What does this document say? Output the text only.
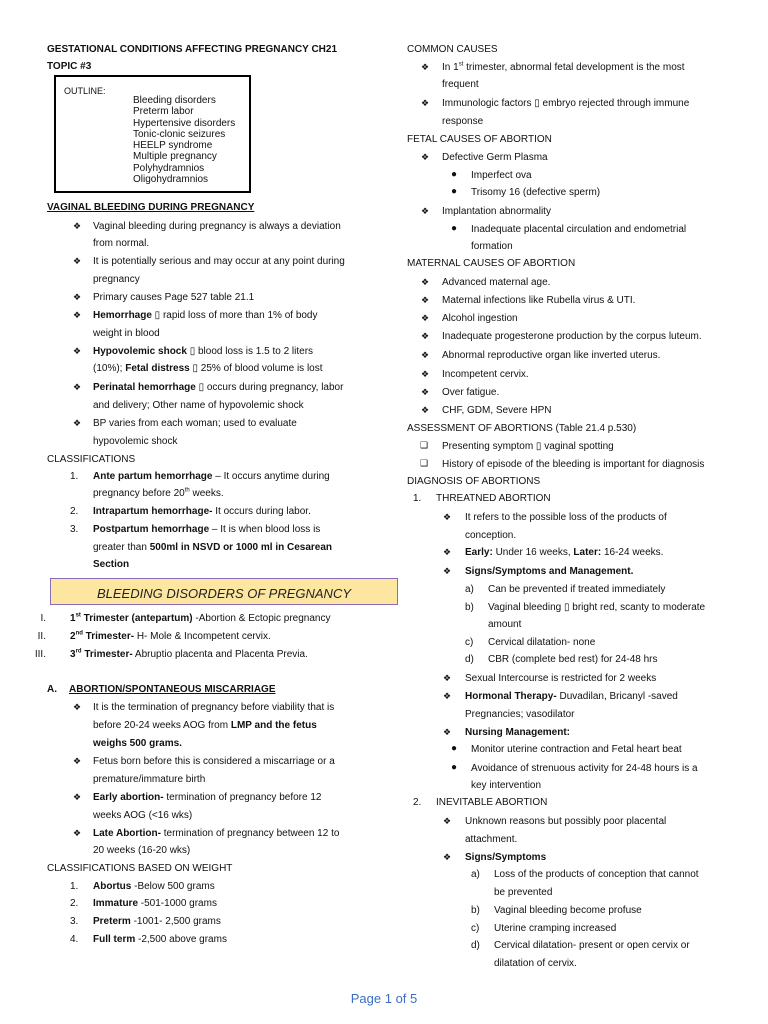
GESTATIONAL CONDITIONS AFFECTING PREGNANCY CH21
TOPIC #3
OUTLINE:
Bleeding disorders
Preterm labor
Hypertensive disorders
Tonic-clonic seizures
HEELP syndrome
Multiple pregnancy
Polyhydramnios
Oligohydramnios
VAGINAL BLEEDING DURING PREGNANCY
❖ Vaginal bleeding during pregnancy is always a deviation
from normal.
❖ It is potentially serious and may occur at any point during
pregnancy
❖ Primary causes Page 527 table 21.1
❖ Hemorrhage ▯ rapid loss of more than 1% of body
weight in blood
❖ Hypovolemic shock ▯ blood loss is 1.5 to 2 liters
(10%); Fetal distress ▯ 25% of blood volume is lost
❖ Perinatal hemorrhage ▯ occurs during pregnancy, labor
and delivery; Other name of hypovolemic shock
❖ BP varies from each woman; used to evaluate
hypovolemic shock
CLASSIFICATIONS
1. Ante partum hemorrhage – It occurs anytime during
pregnancy before 20th weeks.
2. Intrapartum hemorrhage- It occurs during labor.
3. Postpartum hemorrhage – It is when blood loss is
greater than 500ml in NSVD or 1000 ml in Cesarean
Section
BLEEDING DISORDERS OF PREGNANCY
I. 1st Trimester (antepartum) -Abortion & Ectopic pregnancy
II. 2nd Trimester- H- Mole & Incompetent cervix.
III. 3rd Trimester- Abruptio placenta and Placenta Previa.
A. ABORTION/SPONTANEOUS MISCARRIAGE
❖ It is the termination of pregnancy before viability that is
before 20-24 weeks AOG from LMP and the fetus
weighs 500 grams.
❖ Fetus born before this is considered a miscarriage or a
premature/immature birth
❖ Early abortion- termination of pregnancy before 12
weeks AOG (<16 wks)
❖ Late Abortion- termination of pregnancy between 12 to
20 weeks (16-20 wks)
CLASSIFICATIONS BASED ON WEIGHT
1. Abortus -Below 500 grams
2. Immature -501-1000 grams
3. Preterm -1001- 2,500 grams
4. Full term -2,500 above grams
COMMON CAUSES
❖ In 1st trimester, abnormal fetal development is the most
frequent
❖ Immunologic factors ▯ embryo rejected through immune
response
FETAL CAUSES OF ABORTION
❖ Defective Germ Plasma
● Imperfect ova
● Trisomy 16 (defective sperm)
❖ Implantation abnormality
● Inadequate placental circulation and endometrial
formation
MATERNAL CAUSES OF ABORTION
❖ Advanced maternal age.
❖ Maternal infections like Rubella virus & UTI.
❖ Alcohol ingestion
❖ Inadequate progesterone production by the corpus luteum.
❖ Abnormal reproductive organ like inverted uterus.
❖ Incompetent cervix.
❖ Over fatigue.
❖ CHF, GDM, Severe HPN
ASSESSMENT OF ABORTIONS (Table 21.4 p.530)
❑ Presenting symptom ▯ vaginal spotting
❑ History of episode of the bleeding is important for diagnosis
DIAGNOSIS OF ABORTIONS
1. THREATNED ABORTION
❖ It refers to the possible loss of the products of
conception.
❖ Early: Under 16 weeks, Later: 16-24 weeks.
❖ Signs/Symptoms and Management.
a) Can be prevented if treated immediately
b) Vaginal bleeding ▯ bright red, scanty to moderate
amount
c) Cervical dilatation- none
d) CBR (complete bed rest) for 24-48 hrs
❖ Sexual Intercourse is restricted for 2 weeks
❖ Hormonal Therapy- Duvadilan, Bricanyl -saved
Pregnancies; vasodilator
❖ Nursing Management:
● Monitor uterine contraction and Fetal heart beat
● Avoidance of strenuous activity for 24-48 hours is a
key intervention
2. INEVITABLE ABORTION
❖ Unknown reasons but possibly poor placental
attachment.
❖ Signs/Symptoms
a) Loss of the products of conception that cannot
be prevented
b) Vaginal bleeding become profuse
c) Uterine cramping increased
d) Cervical dilatation- present or open cervix or
dilatation of cervix.
Page 1 of 5
